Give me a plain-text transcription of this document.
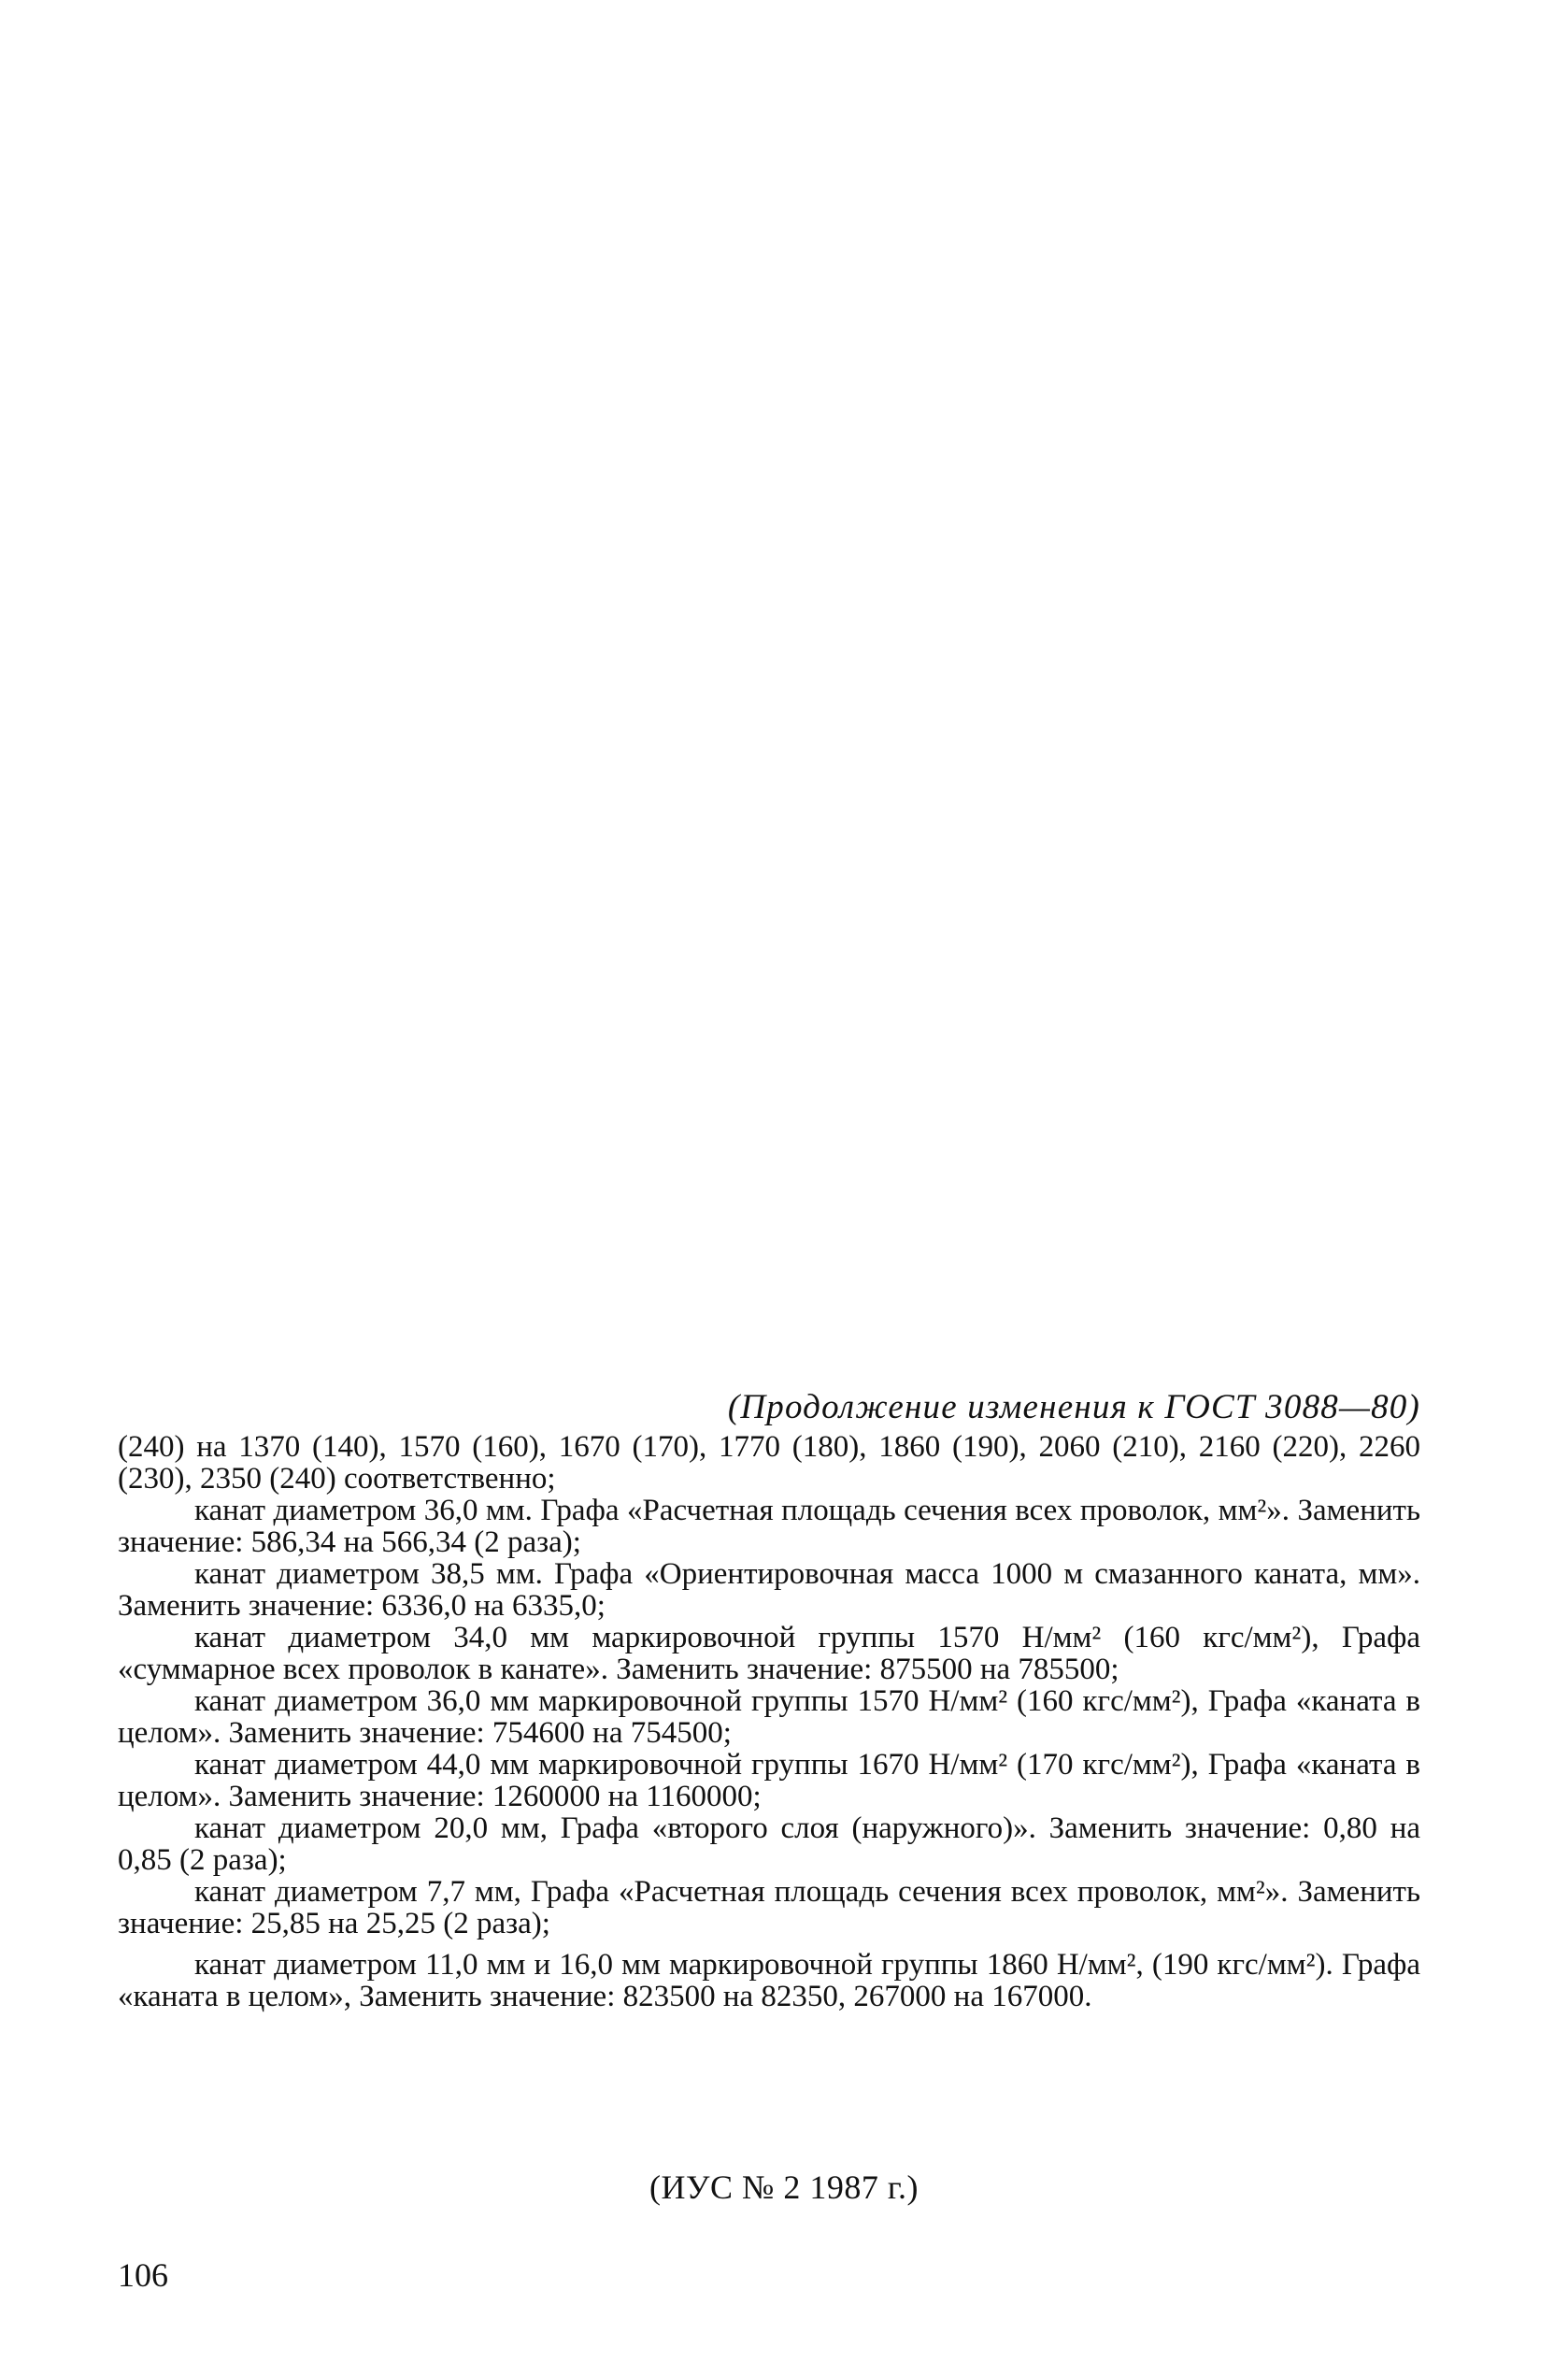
(Продолжение изменения к ГОСТ 3088—80)

(240) на 1370 (140), 1570 (160), 1670 (170), 1770 (180), 1860 (190), 2060 (210), 2160 (220), 2260 (230), 2350 (240) соответственно;

канат диаметром 36,0 мм. Графа «Расчетная площадь сечения всех проволок, мм²». Заменить значение: 586,34 на 566,34 (2 раза);

канат диаметром 38,5 мм. Графа «Ориентировочная масса 1000 м смазанного каната, мм». Заменить значение: 6336,0 на 6335,0;

канат диаметром 34,0 мм маркировочной группы 1570 Н/мм² (160 кгс/мм²), Графа «суммарное всех проволок в канате». Заменить значение: 875500 на 785500;

канат диаметром 36,0 мм маркировочной группы 1570 Н/мм² (160 кгс/мм²), Графа «каната в целом». Заменить значение: 754600 на 754500;

канат диаметром 44,0 мм маркировочной группы 1670 Н/мм² (170 кгс/мм²), Графа «каната в целом». Заменить значение: 1260000 на 1160000;

канат диаметром 20,0 мм, Графа «второго слоя (наружного)». Заменить значение: 0,80 на 0,85 (2 раза);

канат диаметром 7,7 мм, Графа «Расчетная площадь сечения всех проволок, мм²». Заменить значение: 25,85 на 25,25 (2 раза);

канат диаметром 11,0 мм и 16,0 мм маркировочной группы 1860 Н/мм², (190 кгс/мм²). Графа «каната в целом», Заменить значение: 823500 на 82350, 267000 на 167000.

(ИУС № 2 1987 г.)
106
